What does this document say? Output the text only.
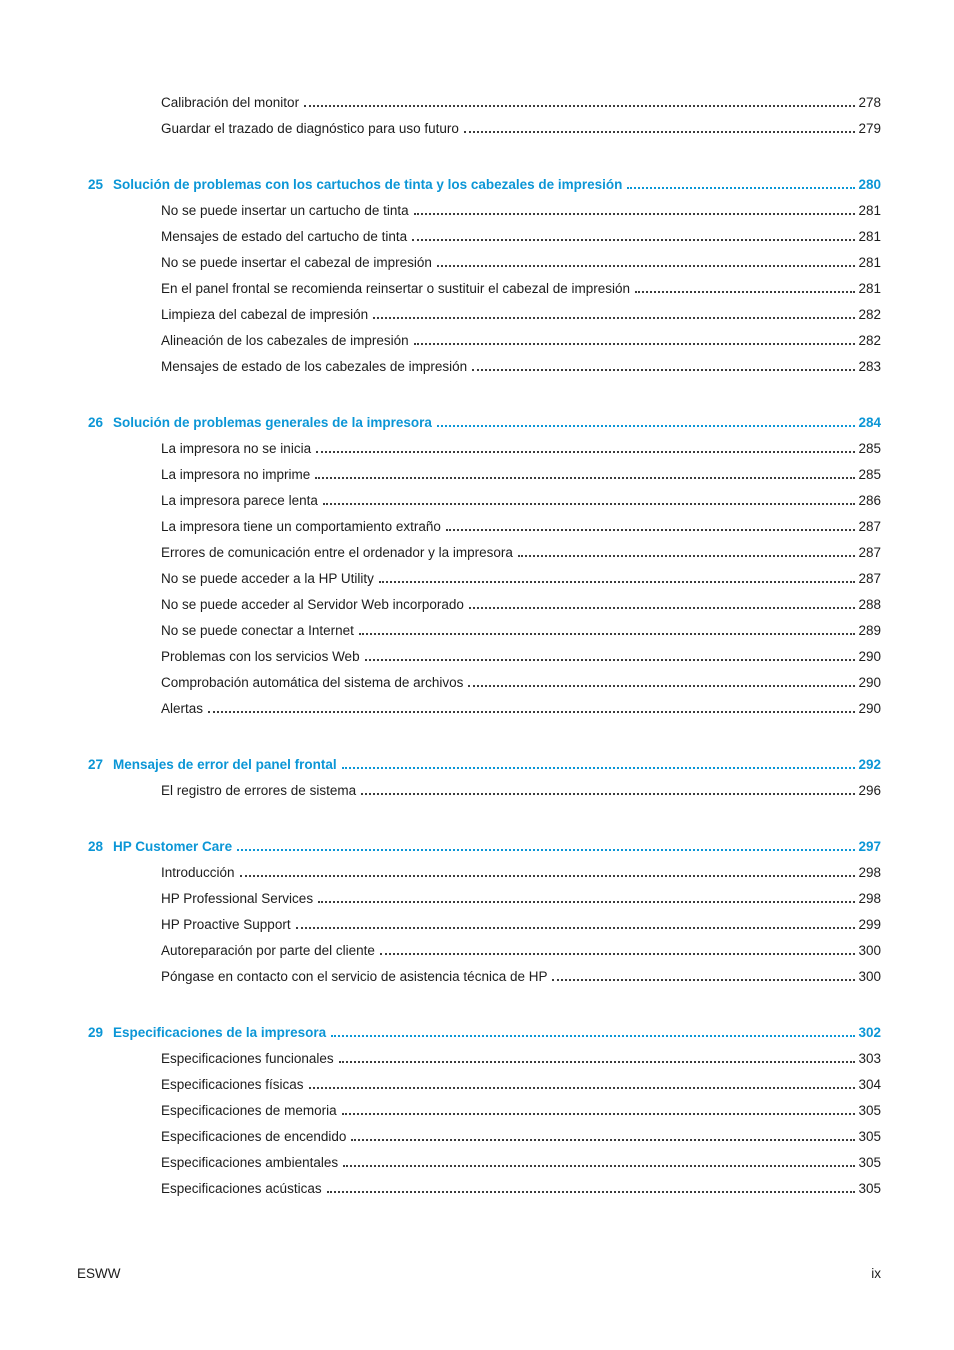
Calibración del monitor	278
Guardar el trazado de diagnóstico para uso futuro	279
25 Solución de problemas con los cartuchos de tinta y los cabezales de impresión	280
No se puede insertar un cartucho de tinta	281
Mensajes de estado del cartucho de tinta	281
No se puede insertar el cabezal de impresión	281
En el panel frontal se recomienda reinsertar o sustituir el cabezal de impresión	281
Limpieza del cabezal de impresión	282
Alineación de los cabezales de impresión	282
Mensajes de estado de los cabezales de impresión	283
26 Solución de problemas generales de la impresora	284
La impresora no se inicia	285
La impresora no imprime	285
La impresora parece lenta	286
La impresora tiene un comportamiento extraño	287
Errores de comunicación entre el ordenador y la impresora	287
No se puede acceder a la HP Utility	287
No se puede acceder al Servidor Web incorporado	288
No se puede conectar a Internet	289
Problemas con los servicios Web	290
Comprobación automática del sistema de archivos	290
Alertas	290
27 Mensajes de error del panel frontal	292
El registro de errores de sistema	296
28 HP Customer Care	297
Introducción	298
HP Professional Services	298
HP Proactive Support	299
Autoreparación por parte del cliente	300
Póngase en contacto con el servicio de asistencia técnica de HP	300
29 Especificaciones de la impresora	302
Especificaciones funcionales	303
Especificaciones físicas	304
Especificaciones de memoria	305
Especificaciones de encendido	305
Especificaciones ambientales	305
Especificaciones acústicas	305
ESWW	ix
